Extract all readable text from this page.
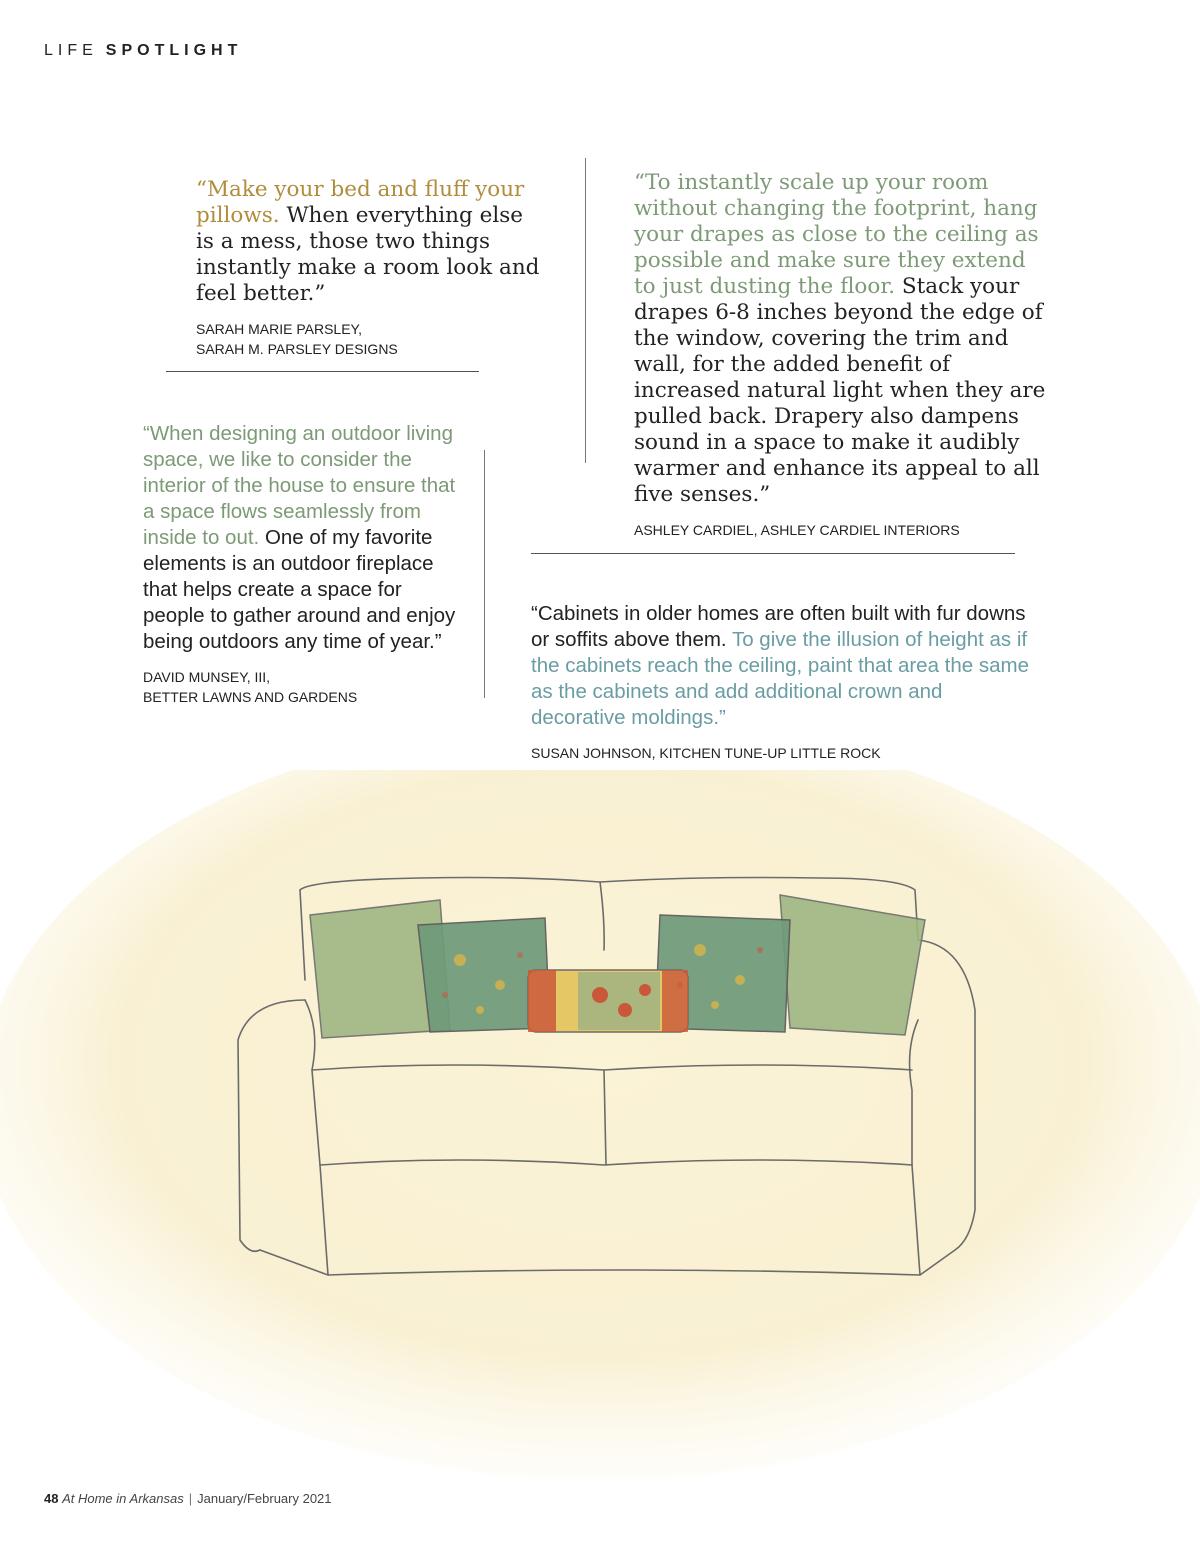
LIFE SPOTLIGHT
“Make your bed and fluff your pillows. When everything else is a mess, those two things instantly make a room look and feel better.”
SARAH MARIE PARSLEY,
SARAH M. PARSLEY DESIGNS
“To instantly scale up your room without changing the footprint, hang your drapes as close to the ceiling as possible and make sure they extend to just dusting the floor. Stack your drapes 6-8 inches beyond the edge of the window, covering the trim and wall, for the added benefit of increased natural light when they are pulled back. Drapery also dampens sound in a space to make it audibly warmer and enhance its appeal to all five senses.”
ASHLEY CARDIEL, ASHLEY CARDIEL INTERIORS
“When designing an outdoor living space, we like to consider the interior of the house to ensure that a space flows seamlessly from inside to out. One of my favorite elements is an outdoor fireplace that helps create a space for people to gather around and enjoy being outdoors any time of year.”
DAVID MUNSEY, III,
BETTER LAWNS AND GARDENS
“Cabinets in older homes are often built with fur downs or soffits above them. To give the illusion of height as if the cabinets reach the ceiling, paint that area the same as the cabinets and add additional crown and decorative moldings.”
SUSAN JOHNSON, KITCHEN TUNE-UP LITTLE ROCK
48 At Home in Arkansas | January/February 2021
